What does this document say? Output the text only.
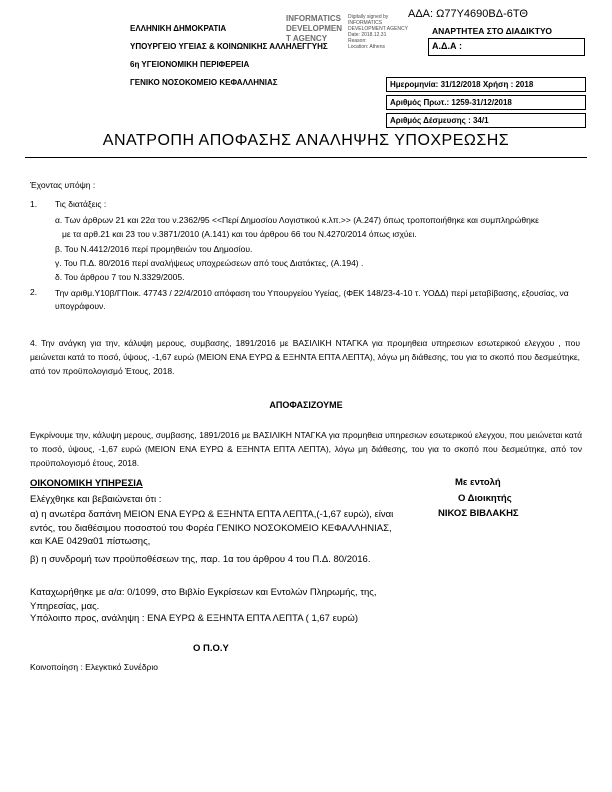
ΑΔΑ: Ω77Υ4690ΒΔ-6ΤΘ
ΕΛΛΗΝΙΚΗ ΔΗΜΟΚΡΑΤΙΑ
ΥΠΟΥΡΓΕΙΟ ΥΓΕΙΑΣ & ΚΟΙΝΩΝΙΚΗΣ ΑΛΛΗΛΕΓΓΥΗΣ
6η ΥΓΕΙΟΝΟΜΙΚΗ ΠΕΡΙΦΕΡΕΙΑ
ΓΕΝΙΚΟ ΝΟΣΟΚΟΜΕΙΟ ΚΕΦΑΛΛΗΝΙΑΣ
INFORMATICS DEVELOPMEN T AGENCY
Digitally signed by
INFORMATICS
DEVELOPMENT AGENCY
Date: 2018.12.31
Reason:
Location: Athens
ΑΝΑΡΤΗΤΕΑ ΣΤΟ ΔΙΑΔΙΚΤΥΟ
Α.Δ.Α :
Ημερομηνία: 31/12/2018 Χρήση : 2018
Αριθμός Πρωτ.: 1259-31/12/2018
Αριθμός Δέσμευσης : 34/1
ΑΝΑΤΡΟΠΗ ΑΠΟΦΑΣΗΣ ΑΝΑΛΗΨΗΣ ΥΠΟΧΡΕΩΣΗΣ
Έχοντας υπόψη :
1. Τις διατάξεις :
α. Των άρθρων 21 και 22α του ν.2362/95 <<Περί Δημοσίου Λογιστικού κ.λπ.>> (Α.247) όπως τροποποιήθηκε και συμπληρώθηκε
με τα αρθ.21 και 23 του ν.3871/2010 (Α.141) και του άρθρου 66 του Ν.4270/2014 όπως ισχύει.
β. Του Ν.4412/2016 περί προμηθειών του Δημοσίου.
γ. Του Π.Δ. 80/2016 περί αναλήψεως υποχρεώσεων από τους Διατάκτες, (Α.194) .
δ. Του άρθρου 7 του Ν.3329/2005.
2. Την αριθμ.Υ10β/ΓΠοικ. 47743 / 22/4/2010 απόφαση του Υπουργείου Υγείας, (ΦΕΚ 148/23-4-10 τ. ΥΟΔΔ) περί μεταβίβασης, εξουσίας, να υπογράφουν.
4. Την ανάγκη για την, κάλυψη μερους, συμβασης, 1891/2016 με ΒΑΣΙΛΙΚΗ ΝΤΑΓΚΑ για προμηθεια υπηρεσιων εσωτερικού ελεγχου , που μειώνεται κατά το ποσό, ύψους, -1,67 ευρώ (ΜΕΙΟΝ ΕΝΑ ΕΥΡΩ & ΕΞΗΝΤΑ ΕΠΤΑ ΛΕΠΤΑ), λόγω μη διάθεσης, του για το σκοπό που δεσμεύτηκε, από τον προϋπολογισμό Έτους, 2018.
ΑΠΟΦΑΣΙΖΟΥΜΕ
Εγκρίνουμε την, κάλυψη μερους, συμβασης, 1891/2016 με ΒΑΣΙΛΙΚΗ ΝΤΑΓΚΑ για προμηθεια υπηρεσιων εσωτερικού ελεγχου, που μειώνεται κατά το ποσό, ύψους, -1,67 ευρώ (ΜΕΙΟΝ ΕΝΑ ΕΥΡΩ & ΕΞΗΝΤΑ ΕΠΤΑ ΛΕΠΤΑ), λόγω μη διάθεσης, του για το σκοπό που δεσμεύτηκε, από τον προϋπολογισμό έτους, 2018.
ΟΙΚΟΝΟΜΙΚΗ ΥΠΗΡΕΣΙΑ
Ελέγχθηκε και βεβαιώνεται ότι :
α) η ανωτέρα δαπάνη ΜΕΙΟΝ ΕΝΑ ΕΥΡΩ & ΕΞΗΝΤΑ ΕΠΤΑ ΛΕΠΤΑ,(-1,67 ευρώ), είναι εντός, του διαθέσιμου ποσοστού του Φορέα ΓΕΝΙΚΟ ΝΟΣΟΚΟΜΕΙΟ ΚΕΦΑΛΛΗΝΙΑΣ, και ΚΑΕ 0429α01 πίστωσης,
β) η συνδρομή των προϋποθέσεων της, παρ. 1α του άρθρου 4 του Π.Δ. 80/2016.
Καταχωρήθηκε με α/α: 0/1099, στο Βιβλίο Εγκρίσεων και Εντολών Πληρωμής, της, Υπηρεσίας, μας.
Υπόλοιπο προς, ανάληψη : ΕΝΑ ΕΥΡΩ & ΕΞΗΝΤΑ ΕΠΤΑ ΛΕΠΤΑ ( 1,67 ευρώ)
Ο Π.Ο.Υ
Με εντολή
Ο Διοικητής
ΝΙΚΟΣ ΒΙΒΛΑΚΗΣ
Κοινοποίηση : Ελεγκτικό Συνέδριο
